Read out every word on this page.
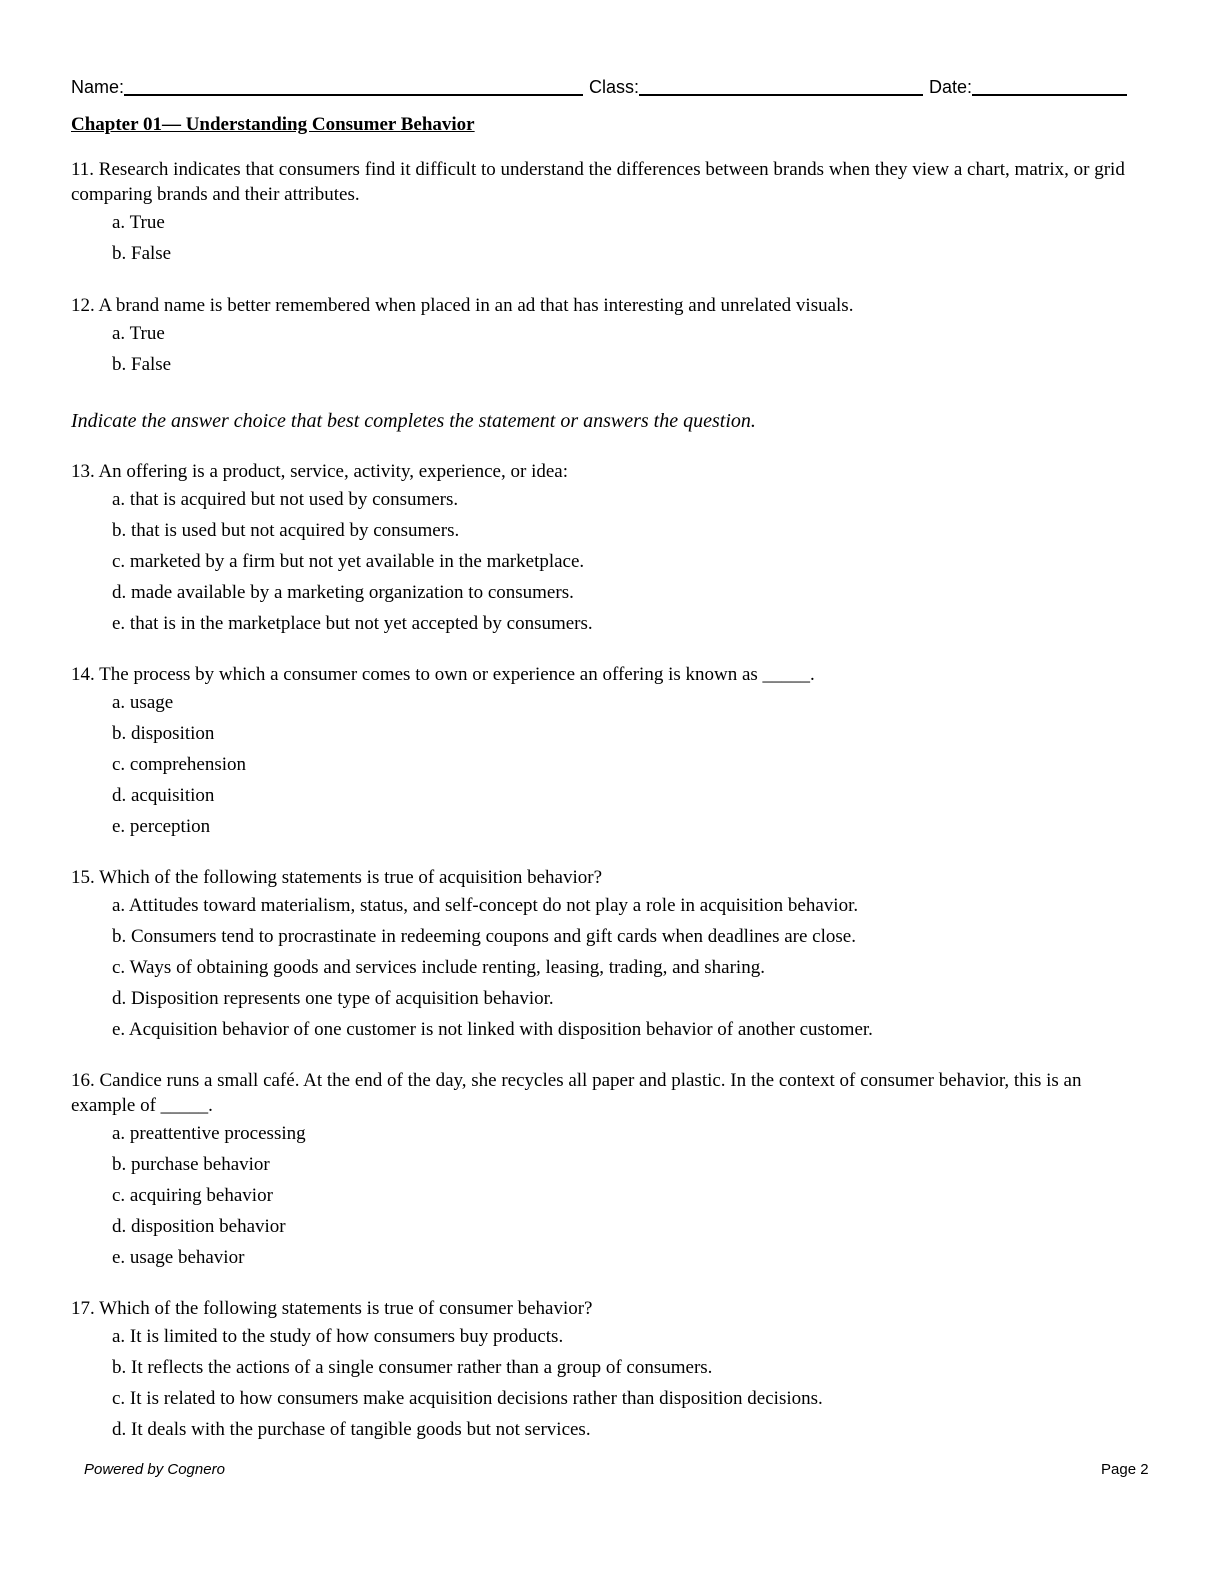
Name:	Class:	Date:
Chapter 01— Understanding Consumer Behavior

11. Research indicates that consumers find it difficult to understand the differences between brands when they view a chart, matrix, or grid comparing brands and their attributes.

a. True
b. False

12. A brand name is better remembered when placed in an ad that has interesting and unrelated visuals.

a. True
b. False

Indicate the answer choice that best completes the statement or answers the question.

13. An offering is a product, service, activity, experience, or idea:

a. that is acquired but not used by consumers.
b. that is used but not acquired by consumers.
c. marketed by a firm but not yet available in the marketplace.
d. made available by a marketing organization to consumers.
e. that is in the marketplace but not yet accepted by consumers.

14. The process by which a consumer comes to own or experience an offering is known as _____.

a. usage
b. disposition
c. comprehension
d. acquisition
e. perception

15. Which of the following statements is true of acquisition behavior?

a. Attitudes toward materialism, status, and self-concept do not play a role in acquisition behavior.
b. Consumers tend to procrastinate in redeeming coupons and gift cards when deadlines are close.
c. Ways of obtaining goods and services include renting, leasing, trading, and sharing.
d. Disposition represents one type of acquisition behavior.
e. Acquisition behavior of one customer is not linked with disposition behavior of another customer.

16. Candice runs a small café. At the end of the day, she recycles all paper and plastic. In the context of consumer behavior, this is an example of _____.

a. preattentive processing
b. purchase behavior
c. acquiring behavior
d. disposition behavior
e. usage behavior

17. Which of the following statements is true of consumer behavior?

a. It is limited to the study of how consumers buy products.
b. It reflects the actions of a single consumer rather than a group of consumers.
c. It is related to how consumers make acquisition decisions rather than disposition decisions.
d. It deals with the purchase of tangible goods but not services.
Powered by Cognero	Page 2
